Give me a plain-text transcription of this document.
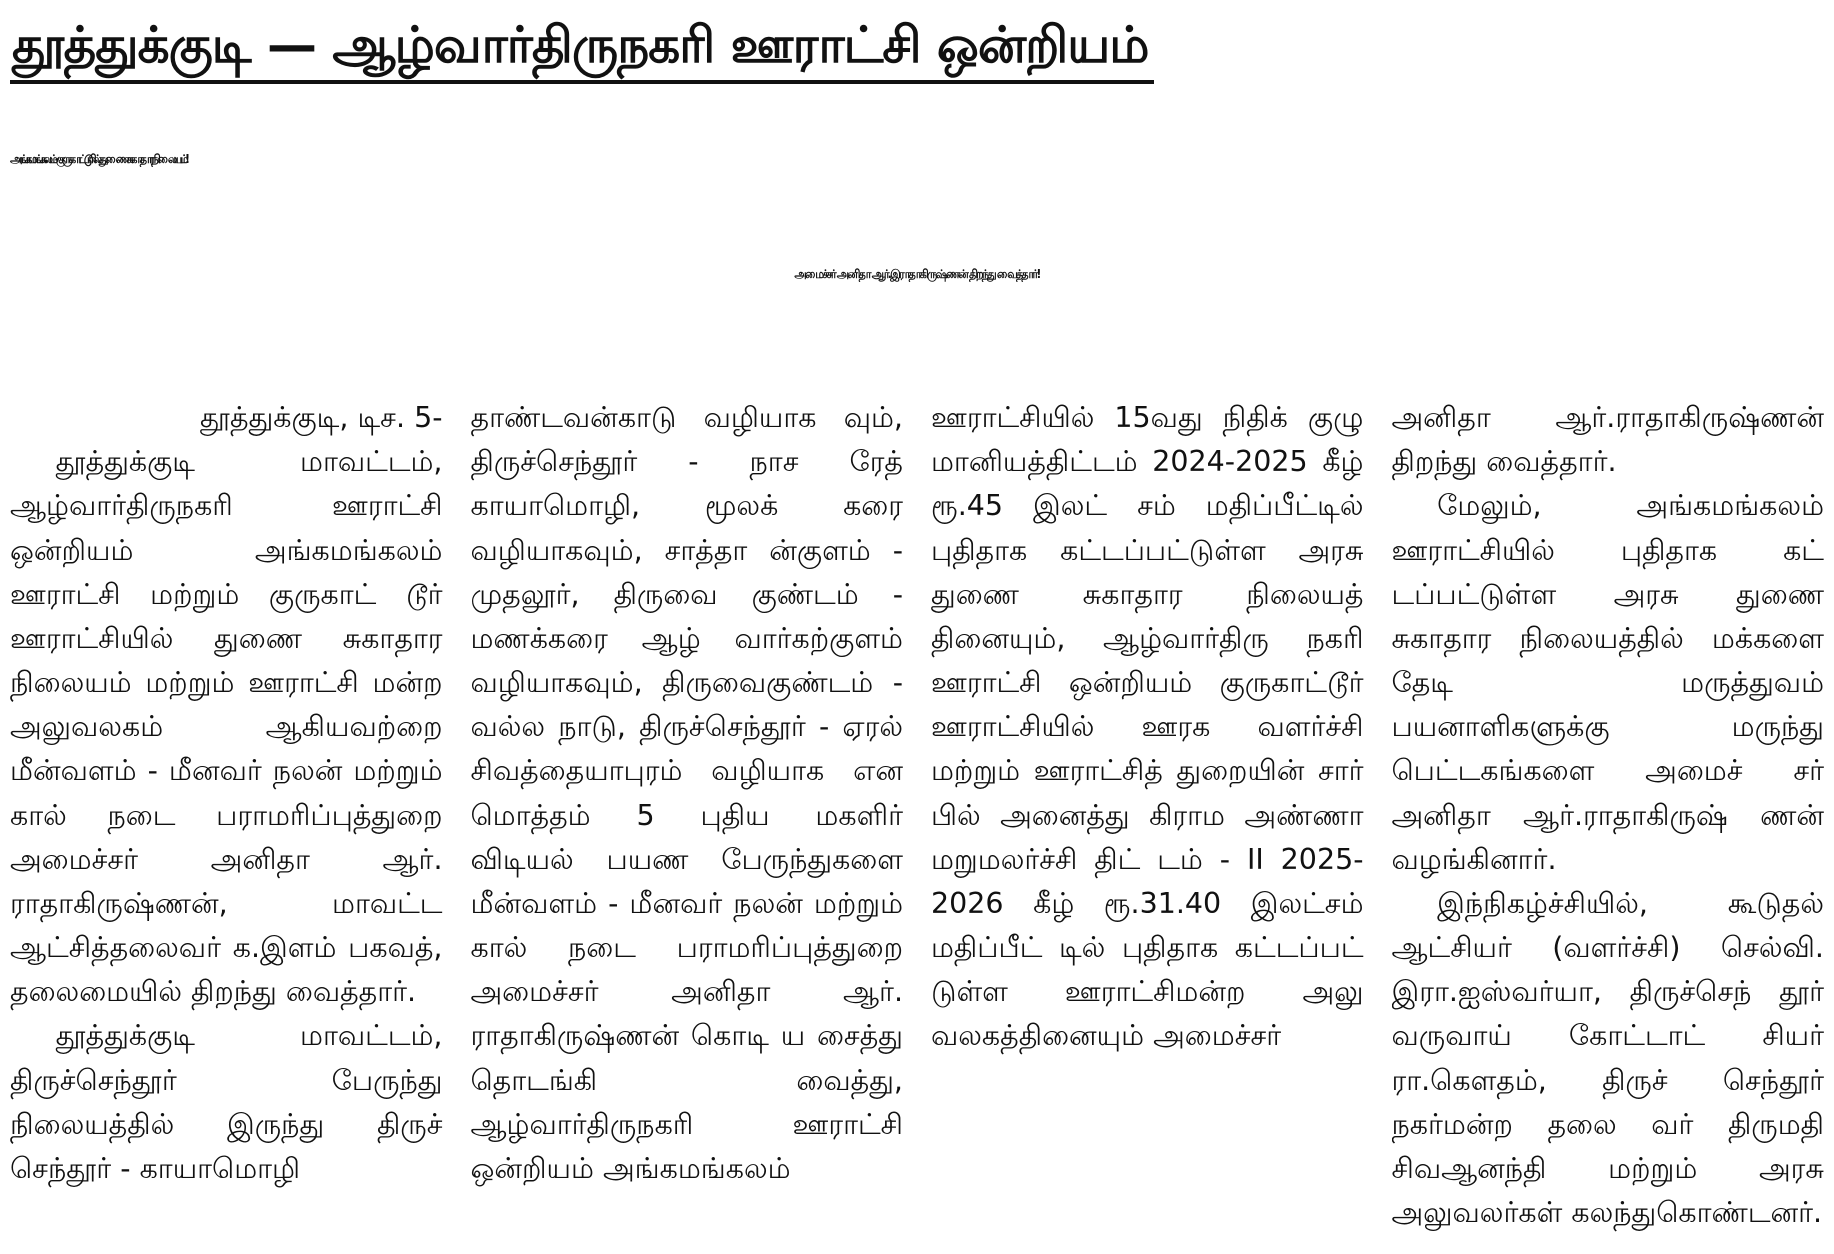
தூத்துக்குடி — ஆழ்வார்திருநகரி ஊராட்சி ஒன்றியம்
அங்கமங்கலம் - குருகாட்டூரில் துணை சுகாதார நிலையம்!
அமைச்சர் அனிதா ஆர்.இராதாகிருஷ்ணன் திறந்து வைத்தார்!

தூத்துக்குடி, டிச. 5-

தூத்துக்குடி மாவட்டம், ஆழ்வார்திருநகரி ஊராட்சி ஒன்றியம் அங்கமங்கலம் ஊராட்சி மற்றும் குருகாட் டூர் ஊராட்சியில் துணை சுகாதார நிலையம் மற்றும் ஊராட்சி மன்ற அலுவலகம் ஆகியவற்றை மீன்வளம் - மீனவர் நலன் மற்றும் கால் நடை பராமரிப்புத்துறை அமைச்சர் அனிதா ஆர். ராதாகிருஷ்ணன், மாவட்ட ஆட்சித்தலைவர் க.இளம் பகவத், தலைமையில் திறந்து வைத்தார்.

தூத்துக்குடி மாவட்டம், திருச்செந்தூர் பேருந்து நிலையத்தில் இருந்து திருச் செந்தூர் - காயாமொழி

தாண்டவன்காடு வழியாக வும், திருச்செந்தூர் - நாச ரேத் காயாமொழி, மூலக் கரை வழியாகவும், சாத்தா ன்குளம் - முதலூர், திருவை குண்டம் - மணக்கரை ஆழ் வார்கற்குளம் வழியாகவும், திருவைகுண்டம் - வல்ல நாடு, திருச்செந்தூர் - ஏரல் சிவத்தையாபுரம் வழியாக என மொத்தம் 5 புதிய மகளிர் விடியல் பயண பேருந்துகளை மீன்வளம் - மீனவர் நலன் மற்றும் கால் நடை பராமரிப்புத்துறை அமைச்சர் அனிதா ஆர். ராதாகிருஷ்ணன் கொடி ய சைத்து தொடங்கி வைத்து, ஆழ்வார்திருநகரி ஊராட்சி ஒன்றியம் அங்கமங்கலம்

ஊராட்சியில் 15வது நிதிக் குழு மானியத்திட்டம் 2024-2025 கீழ் ரூ.45 இலட் சம் மதிப்பீட்டில் புதிதாக கட்டப்பட்டுள்ள அரசு துணை சுகாதார நிலையத் தினையும், ஆழ்வார்திரு நகரி ஊராட்சி ஒன்றியம் குருகாட்டூர் ஊராட்சியில் ஊரக வளர்ச்சி மற்றும் ஊராட்சித் துறையின் சார் பில் அனைத்து கிராம அண்ணா மறுமலர்ச்சி திட் டம் - II 2025-2026 கீழ் ரூ.31.40 இலட்சம் மதிப்பீட் டில் புதிதாக கட்டப்பட் டுள்ள ஊராட்சிமன்ற அலு வலகத்தினையும் அமைச்சர்

அனிதா ஆர்.ராதாகிருஷ்ணன் திறந்து வைத்தார்.

மேலும், அங்கமங்கலம் ஊராட்சியில் புதிதாக கட் டப்பட்டுள்ள அரசு துணை சுகாதார நிலையத்தில் மக்களை தேடி மருத்துவம் பயனாளிகளுக்கு மருந்து பெட்டகங்களை அமைச் சர் அனிதா ஆர்.ராதாகிருஷ் ணன் வழங்கினார்.

இந்நிகழ்ச்சியில், கூடுதல் ஆட்சியர் (வளர்ச்சி) செல்வி. இரா.ஐஸ்வர்யா, திருச்செந் தூர் வருவாய் கோட்டாட் சியர் ரா.கௌதம், திருச் செந்தூர் நகர்மன்ற தலை வர் திருமதி சிவஆனந்தி மற்றும் அரசு அலுவலர்கள் கலந்துகொண்டனர்.
